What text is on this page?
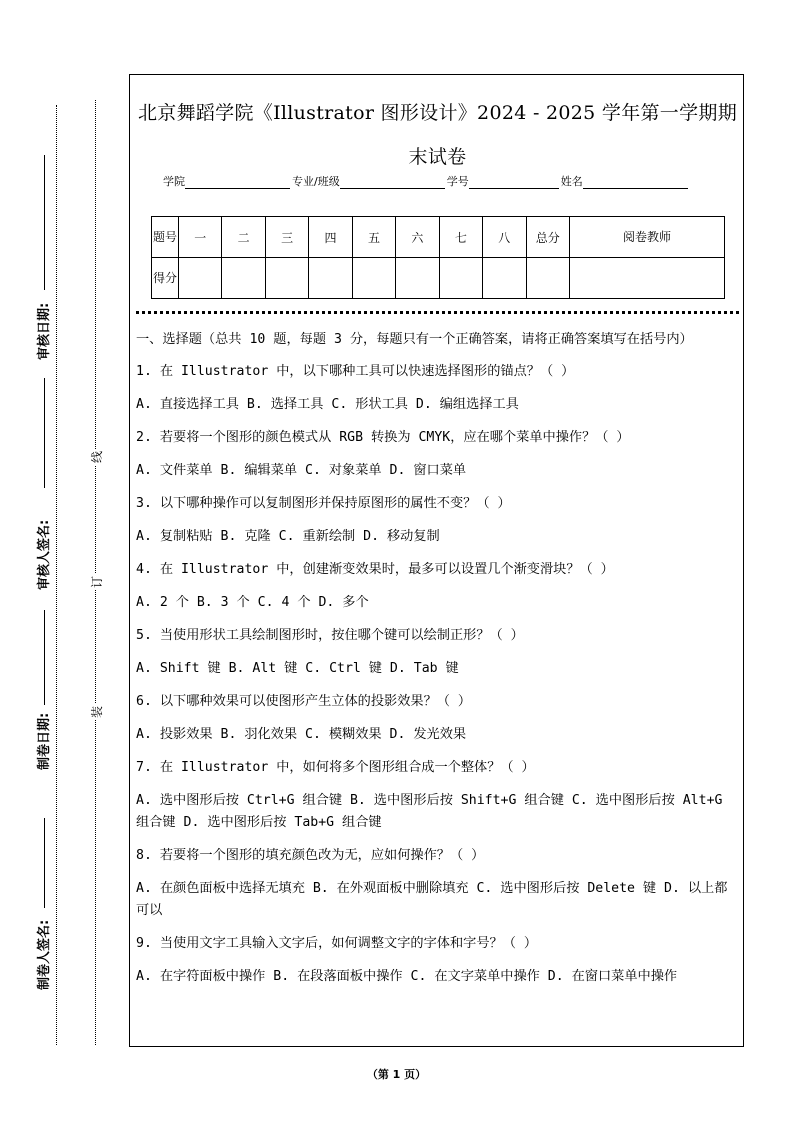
线
订
装
审核日期:
审核人签名:
制卷日期:
制卷人签名:
北京舞蹈学院《Illustrator 图形设计》2024 - 2025 学年第一学期期
末试卷
学院	专业/班级	学号	姓名
题号	一	二	三	四	五	六	七	八	总分	阅卷教师
得分										

一、选择题（总共 10 题，每题 3 分，每题只有一个正确答案，请将正确答案填写在括号内）

1. 在 Illustrator 中，以下哪种工具可以快速选择图形的锚点？（ ）

A. 直接选择工具 B. 选择工具 C. 形状工具 D. 编组选择工具

2. 若要将一个图形的颜色模式从 RGB 转换为 CMYK，应在哪个菜单中操作？（ ）

A. 文件菜单 B. 编辑菜单 C. 对象菜单 D. 窗口菜单

3. 以下哪种操作可以复制图形并保持原图形的属性不变？（ ）

A. 复制粘贴 B. 克隆 C. 重新绘制 D. 移动复制

4. 在 Illustrator 中，创建渐变效果时，最多可以设置几个渐变滑块？（ ）

A. 2 个 B. 3 个 C. 4 个 D. 多个

5. 当使用形状工具绘制图形时，按住哪个键可以绘制正形？（ ）

A. Shift 键 B. Alt 键 C. Ctrl 键 D. Tab 键

6. 以下哪种效果可以使图形产生立体的投影效果？（ ）

A. 投影效果 B. 羽化效果 C. 模糊效果 D. 发光效果

7. 在 Illustrator 中，如何将多个图形组合成一个整体？（ ）

A. 选中图形后按 Ctrl+G 组合键 B. 选中图形后按 Shift+G 组合键 C. 选中图形后按 Alt+G 组合键 D. 选中图形后按 Tab+G 组合键

8. 若要将一个图形的填充颜色改为无，应如何操作？（ ）

A. 在颜色面板中选择无填充 B. 在外观面板中删除填充 C. 选中图形后按 Delete 键 D. 以上都可以

9. 当使用文字工具输入文字后，如何调整文字的字体和字号？（ ）

A. 在字符面板中操作 B. 在段落面板中操作 C. 在文字菜单中操作 D. 在窗口菜单中操作

（第 1 页）
